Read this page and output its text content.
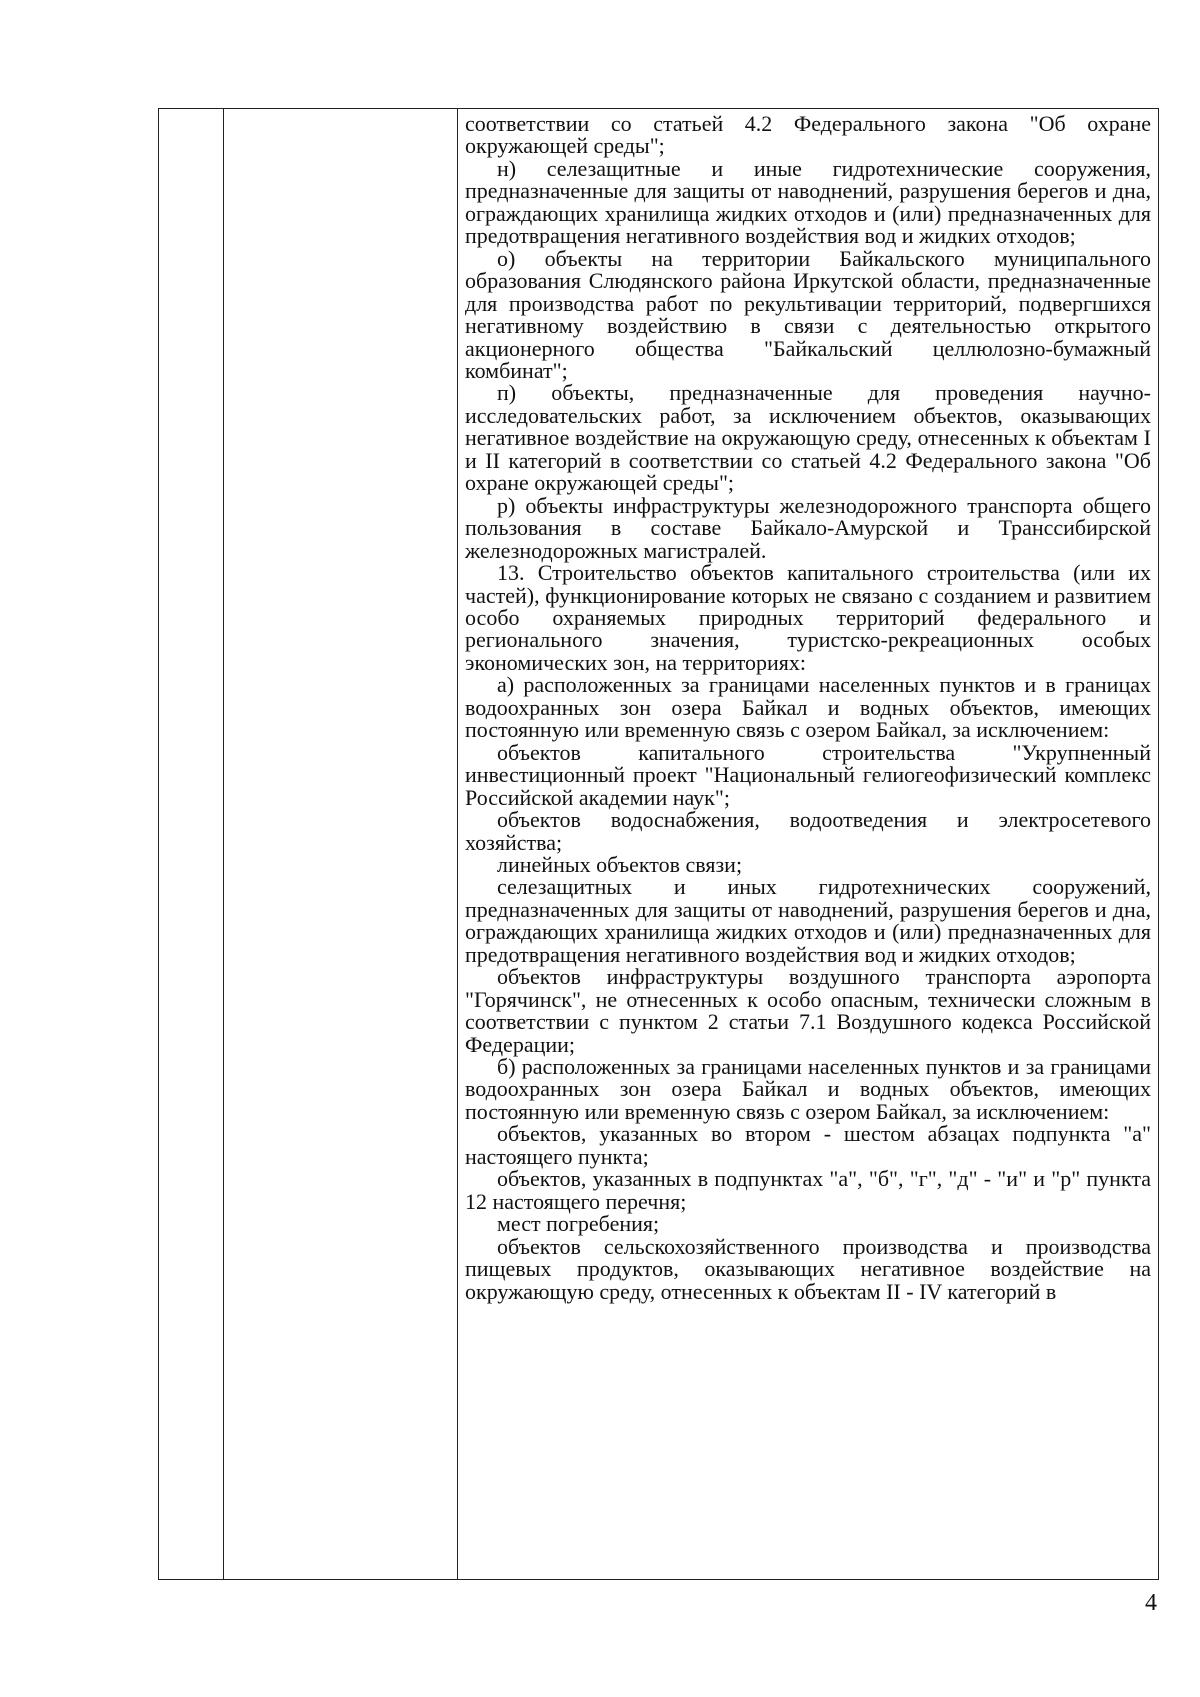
соответствии со статьей 4.2 Федерального закона "Об охране окружающей среды";

н) селезащитные и иные гидротехнические сооружения, предназначенные для защиты от наводнений, разрушения берегов и дна, ограждающих хранилища жидких отходов и (или) предназначенных для предотвращения негативного воздействия вод и жидких отходов;

о) объекты на территории Байкальского муниципального образования Слюдянского района Иркутской области, предназначенные для производства работ по рекультивации территорий, подвергшихся негативному воздействию в связи с деятельностью открытого акционерного общества "Байкальский целлюлозно-бумажный комбинат";

п) объекты, предназначенные для проведения научно-исследовательских работ, за исключением объектов, оказывающих негативное воздействие на окружающую среду, отнесенных к объектам I и II категорий в соответствии со статьей 4.2 Федерального закона "Об охране окружающей среды";

р) объекты инфраструктуры железнодорожного транспорта общего пользования в составе Байкало-Амурской и Транссибирской железнодорожных магистралей.

13. Строительство объектов капитального строительства (или их частей), функционирование которых не связано с созданием и развитием особо охраняемых природных территорий федерального и регионального значения, туристско-рекреационных особых экономических зон, на территориях:

а) расположенных за границами населенных пунктов и в границах водоохранных зон озера Байкал и водных объектов, имеющих постоянную или временную связь с озером Байкал, за исключением:

объектов капитального строительства "Укрупненный инвестиционный проект "Национальный гелиогеофизический комплекс Российской академии наук";

объектов водоснабжения, водоотведения и электросетевого хозяйства;

линейных объектов связи;

селезащитных и иных гидротехнических сооружений, предназначенных для защиты от наводнений, разрушения берегов и дна, ограждающих хранилища жидких отходов и (или) предназначенных для предотвращения негативного воздействия вод и жидких отходов;

объектов инфраструктуры воздушного транспорта аэропорта "Горячинск", не отнесенных к особо опасным, технически сложным в соответствии с пунктом 2 статьи 7.1 Воздушного кодекса Российской Федерации;

б) расположенных за границами населенных пунктов и за границами водоохранных зон озера Байкал и водных объектов, имеющих постоянную или временную связь с озером Байкал, за исключением:

объектов, указанных во втором - шестом абзацах подпункта "а" настоящего пункта;

объектов, указанных в подпунктах "а", "б", "г", "д" - "и" и "р" пункта 12 настоящего перечня;

мест погребения;

объектов сельскохозяйственного производства и производства пищевых продуктов, оказывающих негативное воздействие на окружающую среду, отнесенных к объектам II - IV категорий в

4
